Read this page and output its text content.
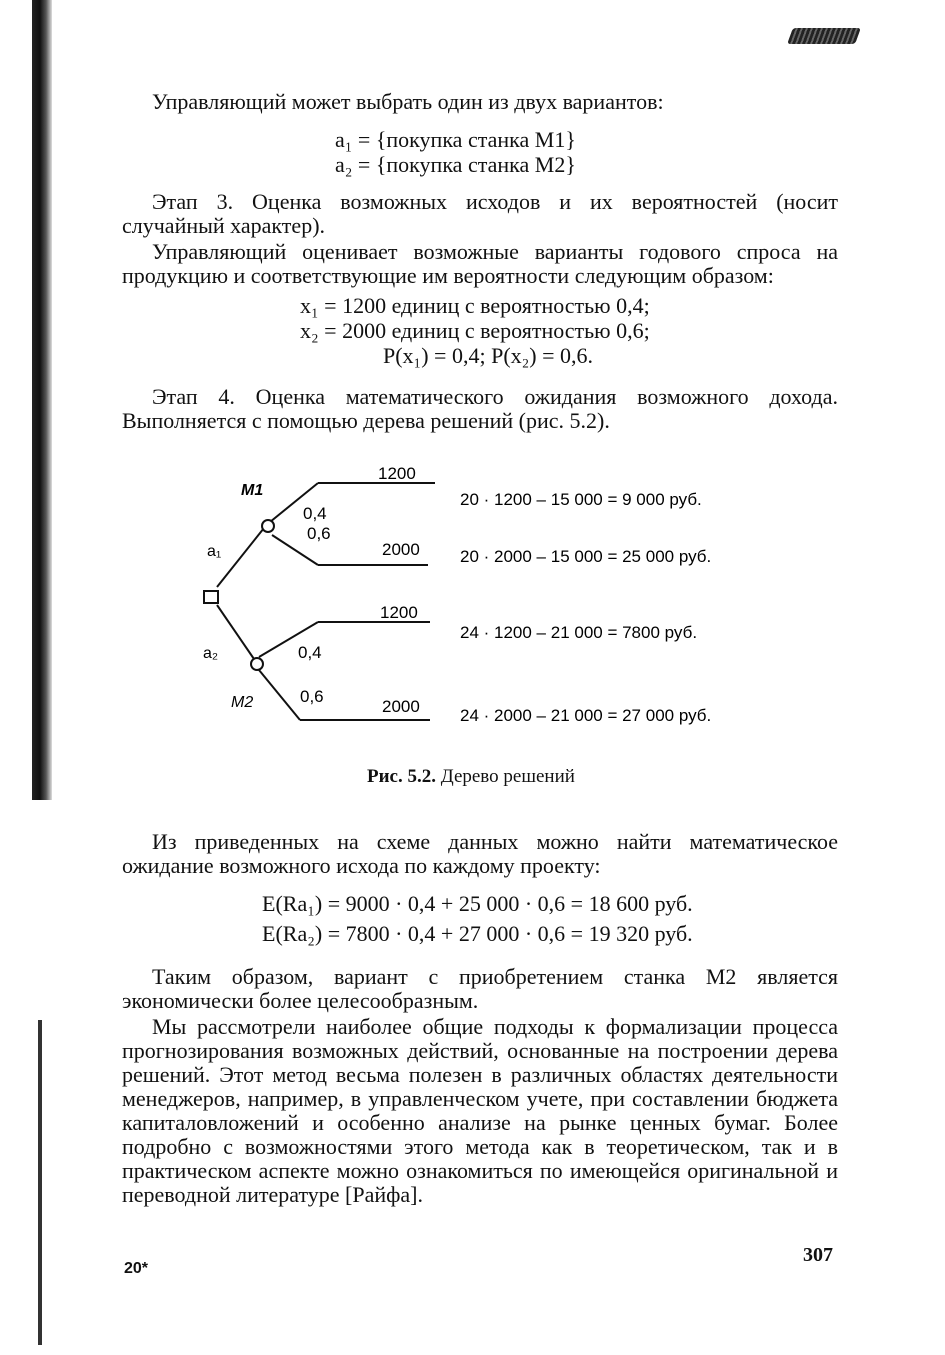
Управляющий может выбрать один из двух вариантов:

a₁ = {покупка станка M1}

a₂ = {покупка станка M2}

Этап 3. Оценка возможных исходов и их вероятностей (носит случайный характер).

Управляющий оценивает возможные варианты годового спроса на продукцию и соответствующие им вероятности следующим образом:

x₁ = 1200 единиц с вероятностью 0,4;

x₂ = 2000 единиц с вероятностью 0,6;

P(x₁) = 0,4; P(x₂) = 0,6.

Этап 4. Оценка математического ожидания возможного дохода. Выполняется с помощью дерева решений (рис. 5.2).

M1
M2
a₁
a₂
0,4
0,6
0,4
0,6
1200
2000
1200
2000
20 · 1200 – 15 000 = 9 000 руб.
20 · 2000 – 15 000 = 25 000 руб.
24 · 1200 – 21 000 = 7800 руб.
24 · 2000 – 21 000 = 27 000 руб.

Рис. 5.2. Дерево решений

Из приведенных на схеме данных можно найти математическое ожидание возможного исхода по каждому проекту:

E(Ra₁) = 9000 · 0,4 + 25 000 · 0,6 = 18 600 руб.

E(Ra₂) = 7800 · 0,4 + 27 000 · 0,6 = 19 320 руб.

Таким образом, вариант с приобретением станка M2 является экономически более целесообразным.

Мы рассмотрели наиболее общие подходы к формализации процесса прогнозирования возможных действий, основанные на построении дерева решений. Этот метод весьма полезен в различных областях деятельности менеджеров, например, в управленческом учете, при составлении бюджета капиталовложений и особенно анализе на рынке ценных бумаг. Более подробно с возможностями этого метода как в теоретическом, так и в практическом аспекте можно ознакомиться по имеющейся оригинальной и переводной литературе [Райфа].

20*
307
